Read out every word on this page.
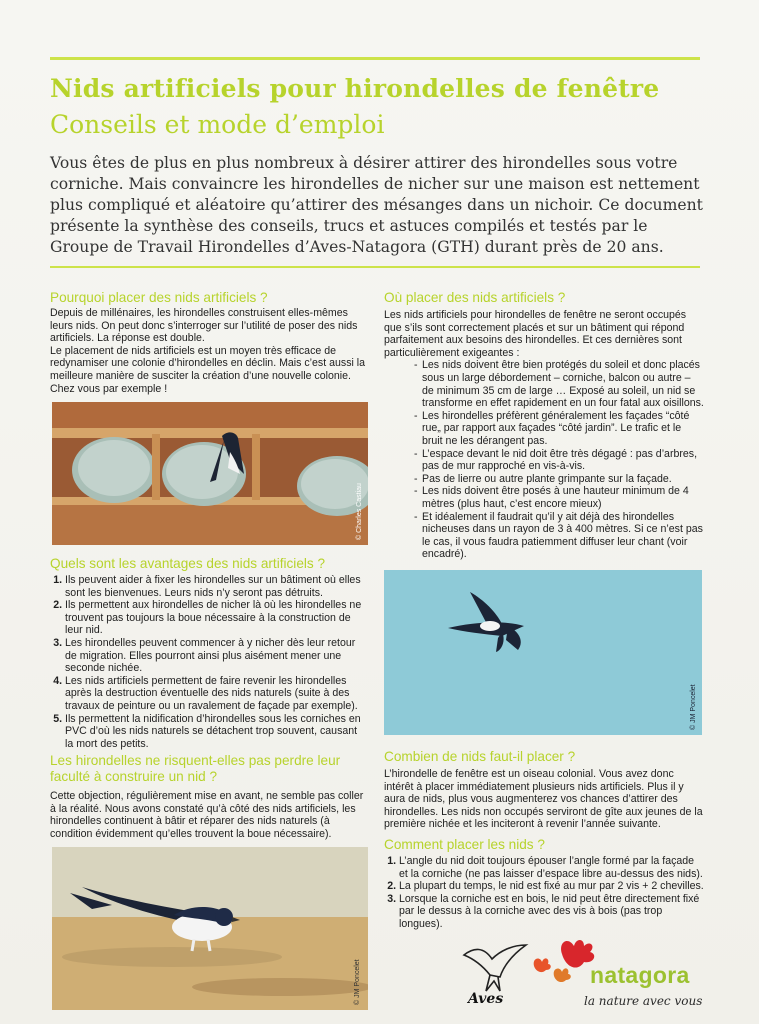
Nids artificiels pour hirondelles de fenêtre
Conseils et mode d’emploi
Vous êtes de plus en plus nombreux à désirer attirer des hirondelles sous votre corniche. Mais convaincre les hirondelles de nicher sur une maison est nettement plus compliqué et aléatoire qu’attirer des mésanges dans un nichoir. Ce document présente la synthèse des conseils, trucs et astuces compilés et testés par le Groupe de Travail Hirondelles d’Aves-Natagora (GTH) durant près de 20 ans.
Pourquoi placer des nids artificiels ?

Depuis de millénaires, les hirondelles construisent elles-mêmes leurs nids. On peut donc s’interroger sur l’utilité de poser des nids artificiels. La réponse est double.

Le placement de nids artificiels est un moyen très efficace de redynamiser une colonie d’hirondelles en déclin. Mais c’est aussi la meilleure manière de susciter la création d’une nouvelle colonie. Chez vous par exemple !

© Charles Castiau
Quels sont les avantages des nids artificiels ?
1. Ils peuvent aider à fixer les hirondelles sur un bâtiment où elles sont les bienvenues. Leurs nids n’y seront pas détruits.
2. Ils permettent aux hirondelles de nicher là où les hirondelles ne trouvent pas toujours la boue nécessaire à la construction de leur nid.
3. Les hirondelles peuvent commencer à y nicher dès leur retour de migration. Elles pourront ainsi plus aisément mener une seconde nichée.
4. Les nids artificiels permettent de faire revenir les hirondelles après la destruction éventuelle des nids naturels (suite à des travaux de peinture ou un ravalement de façade par exemple).
5. Ils permettent la nidification d’hirondelles sous les corniches en PVC d’où les nids naturels se détachent trop souvent, causant la mort des petits.
Les hirondelles ne risquent-elles pas perdre leur faculté à construire un nid ?

Cette objection, régulièrement mise en avant, ne semble pas coller à la réalité. Nous avons constaté qu’à côté des nids artificiels, les hirondelles continuent à bâtir et réparer des nids naturels (à condition évidemment qu’elles trouvent la boue nécessaire).

© JM Poncelet
Où placer des nids artificiels ?

Les nids artificiels pour hirondelles de fenêtre ne seront occupés que s’ils sont correctement placés et sur un bâtiment qui répond parfaitement aux besoins des hirondelles. Et ces dernières sont particulièrement exigeantes :

- Les nids doivent être bien protégés du soleil et donc placés sous un large débordement – corniche, balcon ou autre – de minimum 35 cm de large … Exposé au soleil, un nid se transforme en effet rapidement en un four fatal aux oisillons.
- Les hirondelles préfèrent généralement les façades “côté rue„ par rapport aux façades “côté jardin”. Le trafic et le bruit ne les dérangent pas.
- L’espace devant le nid doit être très dégagé : pas d’arbres, pas de mur rapproché en vis-à-vis.
- Pas de lierre ou autre plante grimpante sur la façade.
- Les nids doivent être posés à une hauteur minimum de 4 mètres (plus haut, c’est encore mieux)
- Et idéalement il faudrait qu’il y ait déjà des hirondelles nicheuses dans un rayon de 3 à 400 mètres. Si ce n’est pas le cas, il vous faudra patiemment diffuser leur chant (voir encadré).
© JM Poncelet
Combien de nids faut-il placer ?

L’hirondelle de fenêtre est un oiseau colonial. Vous avez donc intérêt à placer immédiatement plusieurs nids artificiels. Plus il y aura de nids, plus vous augmenterez vos chances d’attirer des hirondelles. Les nids non occupés serviront de gîte aux jeunes de la première nichée et les inciteront à revenir l’année suivante.

Comment placer les nids ?
1. L’angle du nid doit toujours épouser l’angle formé par la façade et la corniche (ne pas laisser d’espace libre au-dessus des nids).
2. La plupart du temps, le nid est fixé au mur par 2 vis + 2 chevilles.
3. Lorsque la corniche est en bois, le nid peut être directement fixé par le dessus à la corniche avec des vis à bois (pas trop longues).
Aves
natagora
la nature avec vous
